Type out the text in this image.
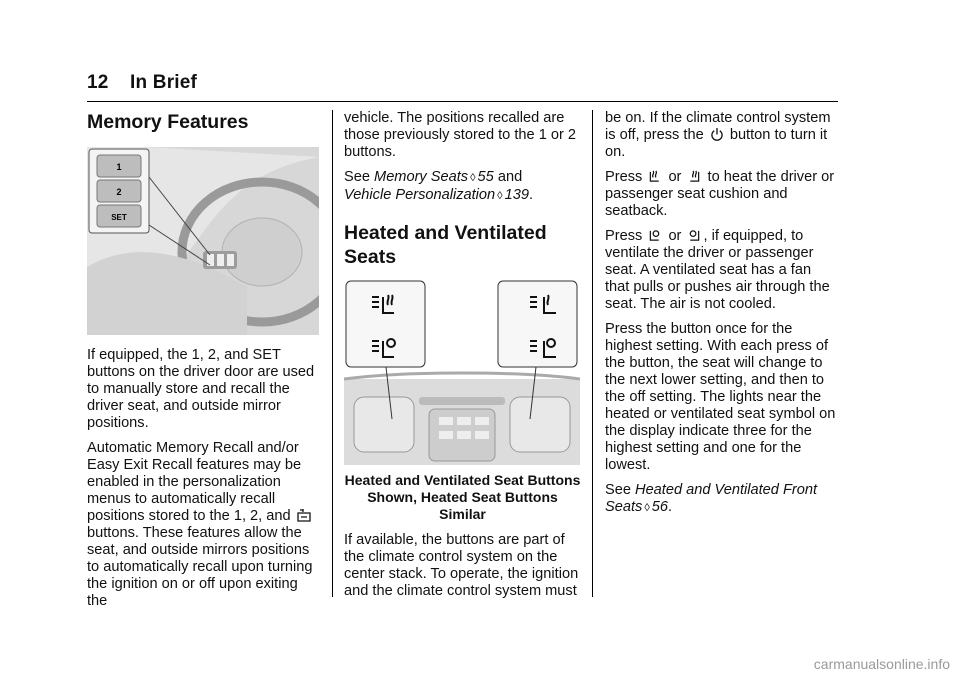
12 In Brief
Memory Features
1
2
SET

If equipped, the 1, 2, and SET buttons on the driver door are used to manually store and recall the driver seat, and outside mirror positions.

Automatic Memory Recall and/or Easy Exit Recall features may be enabled in the personalization menus to automatically recall positions stored to the 1, 2, and  buttons. These features allow the seat, and outside mirrors positions to automatically recall upon turning the ignition on or off upon exiting the

vehicle. The positions recalled are those previously stored to the 1 or 2 buttons.

See Memory Seats ◊ 55 and
Vehicle Personalization ◊ 139.

Heated and Ventilated Seats
Heated and Ventilated Seat Buttons Shown, Heated Seat Buttons Similar

If available, the buttons are part of the climate control system on the center stack. To operate, the ignition and the climate control system must

be on. If the climate control system is off, press the button to turn it on.

Press or to heat the driver or passenger seat cushion and seatback.

Press or , if equipped, to ventilate the driver or passenger seat. A ventilated seat has a fan that pulls or pushes air through the seat. The air is not cooled.

Press the button once for the highest setting. With each press of the button, the seat will change to the next lower setting, and then to the off setting. The lights near the heated or ventilated seat symbol on the display indicate three for the highest setting and one for the lowest.

See Heated and Ventilated Front Seats ◊ 56.

carmanualsonline.info
